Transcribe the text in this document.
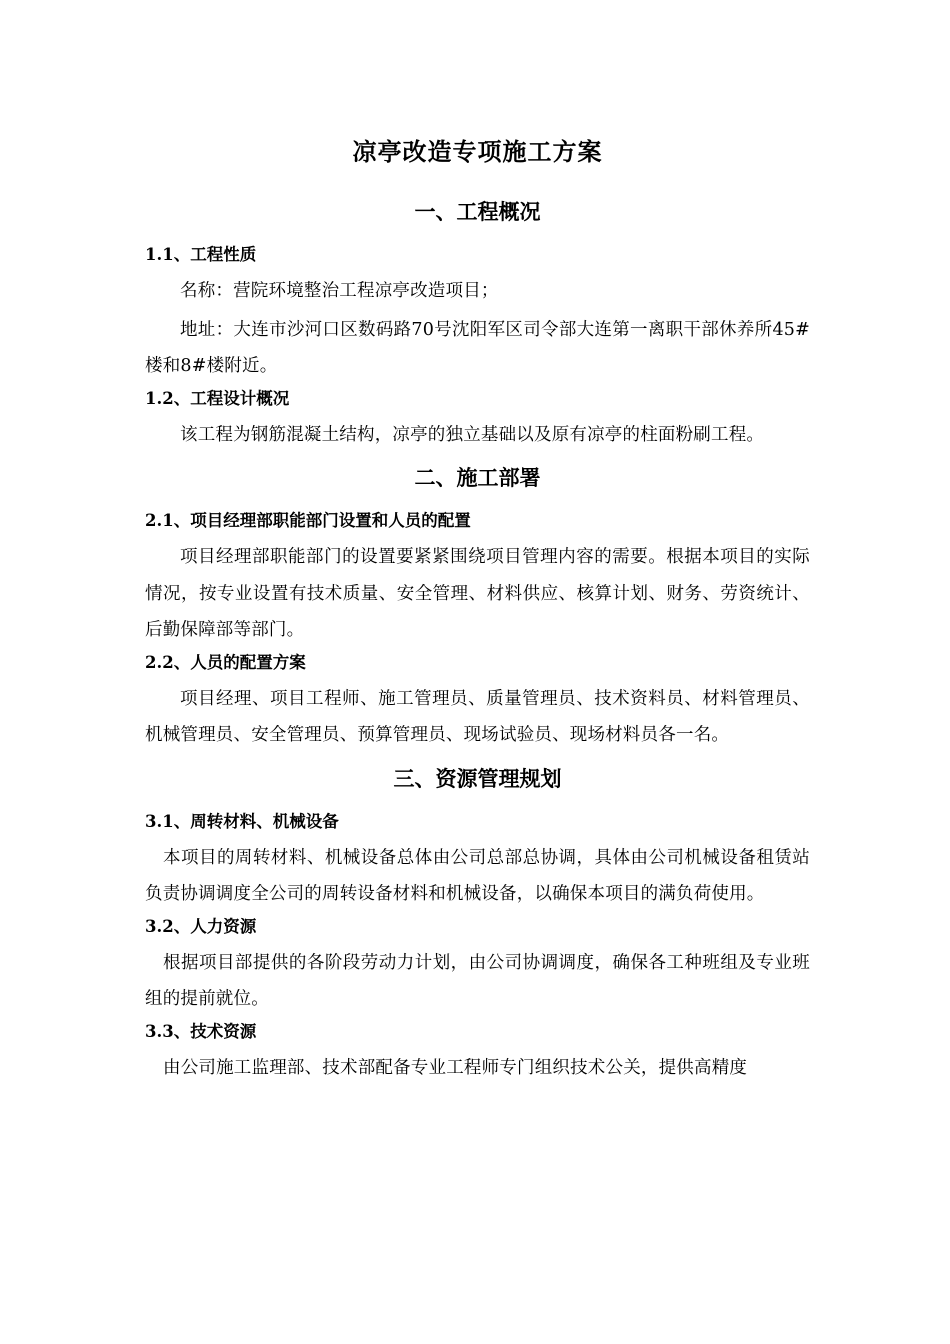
凉亭改造专项施工方案
一、工程概况
1.1、工程性质

名称：营院环境整治工程凉亭改造项目；

地址：大连市沙河口区数码路70号沈阳军区司令部大连第一离职干部休养所45#楼和8#楼附近。

1.2、工程设计概况

该工程为钢筋混凝土结构，凉亭的独立基础以及原有凉亭的柱面粉刷工程。

二、施工部署
2.1、项目经理部职能部门设置和人员的配置

项目经理部职能部门的设置要紧紧围绕项目管理内容的需要。根据本项目的实际情况，按专业设置有技术质量、安全管理、材料供应、核算计划、财务、劳资统计、后勤保障部等部门。

2.2、人员的配置方案

项目经理、项目工程师、施工管理员、质量管理员、技术资料员、材料管理员、机械管理员、安全管理员、预算管理员、现场试验员、现场材料员各一名。

三、资源管理规划
3.1、周转材料、机械设备

本项目的周转材料、机械设备总体由公司总部总协调，具体由公司机械设备租赁站负责协调调度全公司的周转设备材料和机械设备，以确保本项目的满负荷使用。

3.2、人力资源

根据项目部提供的各阶段劳动力计划，由公司协调调度，确保各工种班组及专业班组的提前就位。

3.3、技术资源

由公司施工监理部、技术部配备专业工程师专门组织技术公关，提供高精度
